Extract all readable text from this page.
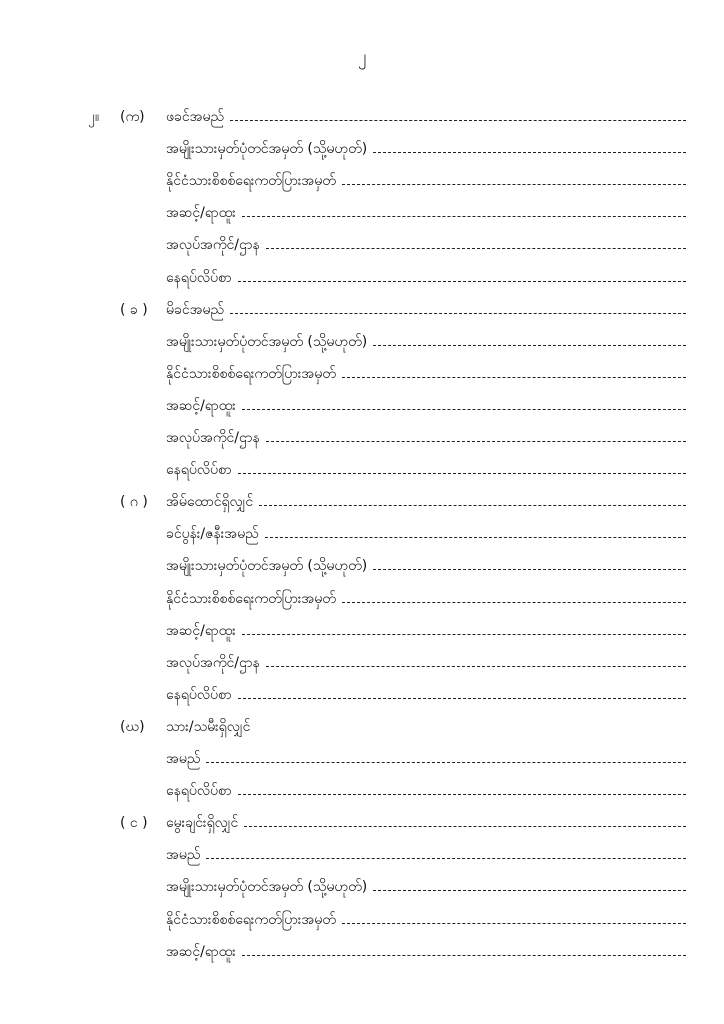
၂
၂။ (က)	ဖခင်အမည်
အမျိုးသားမှတ်ပုံတင်အမှတ် (သို့မဟုတ်)
နိုင်ငံသားစိစစ်ရေးကတ်ပြားအမှတ်
အဆင့်/ရာထူး
အလုပ်အကိုင်/ဌာန
နေရပ်လိပ်စာ
( ခ )	မိခင်အမည်
အမျိုးသားမှတ်ပုံတင်အမှတ် (သို့မဟုတ်)
နိုင်ငံသားစိစစ်ရေးကတ်ပြားအမှတ်
အဆင့်/ရာထူး
အလုပ်အကိုင်/ဌာန
နေရပ်လိပ်စာ
( ဂ )	အိမ်ထောင်ရှိလျှင်
ခင်ပွန်း/ဇနီးအမည်
အမျိုးသားမှတ်ပုံတင်အမှတ် (သို့မဟုတ်)
နိုင်ငံသားစိစစ်ရေးကတ်ပြားအမှတ်
အဆင့်/ရာထူး
အလုပ်အကိုင်/ဌာန
နေရပ်လိပ်စာ
(ဃ)	သား/သမီးရှိလျှင်
အမည်
နေရပ်လိပ်စာ
( င )	မွေးချင်းရှိလျှင်
အမည်
အမျိုးသားမှတ်ပုံတင်အမှတ် (သို့မဟုတ်)
နိုင်ငံသားစိစစ်ရေးကတ်ပြားအမှတ်
အဆင့်/ရာထူး
